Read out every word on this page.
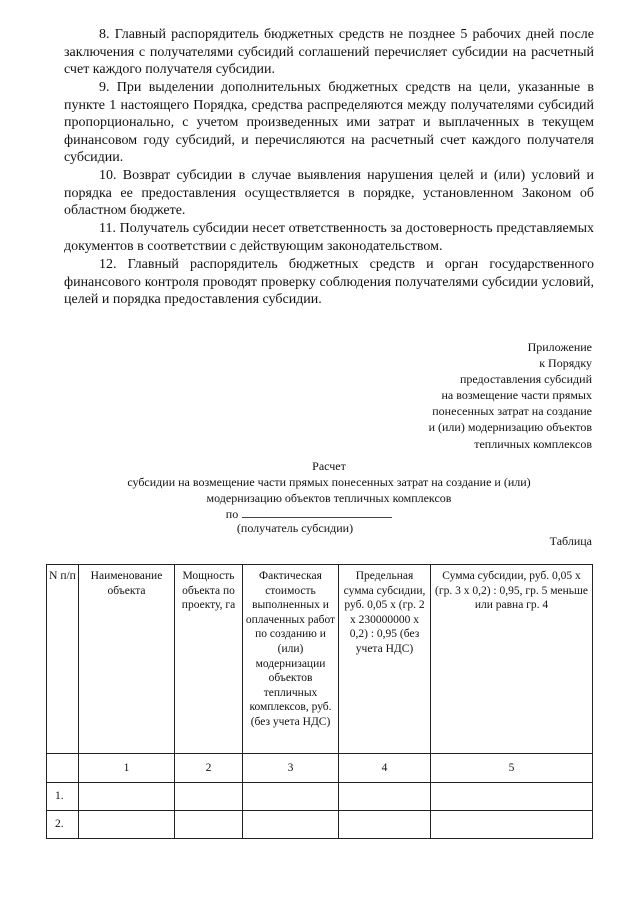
8. Главный распорядитель бюджетных средств не позднее 5 рабочих дней после заключения с получателями субсидий соглашений перечисляет субсидии на расчетный счет каждого получателя субсидии.

9. При выделении дополнительных бюджетных средств на цели, указанные в пункте 1 настоящего Порядка, средства распределяются между получателями субсидий пропорционально, с учетом произведенных ими затрат и выплаченных в текущем финансовом году субсидий, и перечисляются на расчетный счет каждого получателя субсидии.

10. Возврат субсидии в случае выявления нарушения целей и (или) условий и порядка ее предоставления осуществляется в порядке, установленном Законом об областном бюджете.

11. Получатель субсидии несет ответственность за достоверность представляемых документов в соответствии с действующим законодательством.

12. Главный распорядитель бюджетных средств и орган государственного финансового контроля проводят проверку соблюдения получателями субсидии условий, целей и порядка предоставления субсидии.

Приложение
к Порядку
предоставления субсидий
на возмещение части прямых
понесенных затрат на создание
и (или) модернизацию объектов
тепличных комплексов
Расчет
субсидии на возмещение части прямых понесенных затрат на создание и (или)
модернизацию объектов тепличных комплексов
по
(получатель субсидии)
Таблица
N п/п	Наименование объекта	Мощность объекта по проекту, га	Фактическая стоимость выполненных и оплаченных работ по созданию и (или) модернизации объектов тепличных комплексов, руб. (без учета НДС)	Предельная сумма субсидии, руб. 0,05 x (гр. 2 x 230000000 x 0,2) : 0,95 (без учета НДС)	Сумма субсидии, руб. 0,05 x (гр. 3 x 0,2) : 0,95, гр. 5 меньше или равна гр. 4
	1	2	3	4	5
1.					
2.					
